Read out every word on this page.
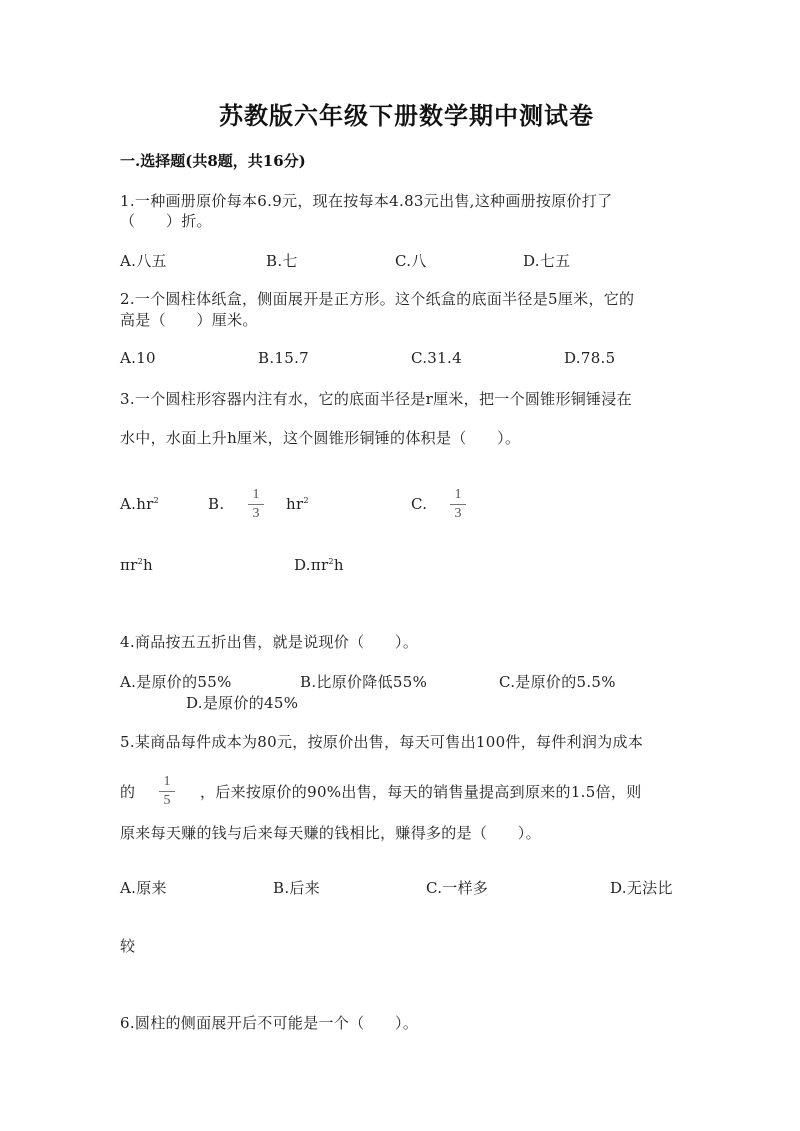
苏教版六年级下册数学期中测试卷
一.选择题(共8题，共16分)
1.一种画册原价每本6.9元，现在按每本4.83元出售,这种画册按原价打了
（　　）折。
A.八五	B.七	C.八	D.七五
2.一个圆柱体纸盒，侧面展开是正方形。这个纸盒的底面半径是5厘米，它的
高是（　　）厘米。
A.10	B.15.7	C.31.4	D.78.5
3.一个圆柱形容器内注有水，它的底面半径是r厘米，把一个圆锥形铜锤浸在
水中，水面上升h厘米，这个圆锥形铜锤的体积是（　　）。
$A.hr^2$	B.
1
3
$hr^2$	C.
1
3
$\pi r^2h$	$D.\pi r^2h$
4.商品按五五折出售，就是说现价（　　）。
A.是原价的55%	B.比原价降低55%	C.是原价的5.5%
D.是原价的45%
5.某商品每件成本为80元，按原价出售，每天可售出100件，每件利润为成本
的
1
5	，后来按原价的90%出售，每天的销售量提高到原来的1.5倍，则
原来每天赚的钱与后来每天赚的钱相比，赚得多的是（　　）。
A.原来	B.后来	C.一样多	D.无法比
较
6.圆柱的侧面展开后不可能是一个（　　）。
